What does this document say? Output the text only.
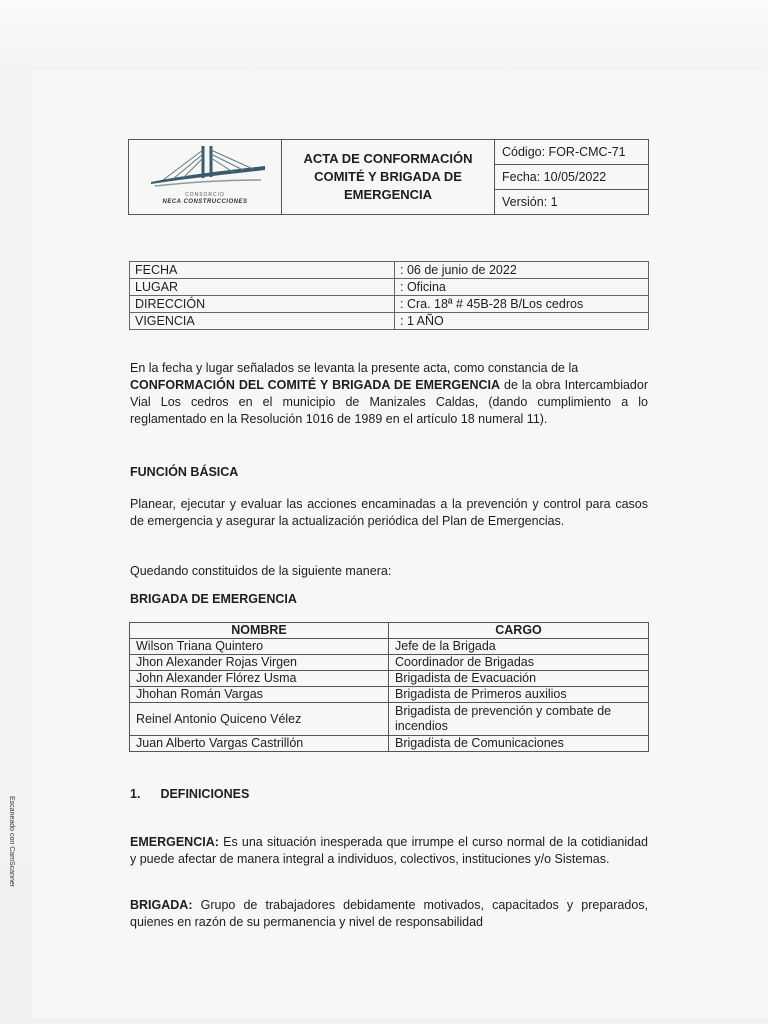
CONSORCIO
NECA CONSTRUCCIONES

ACTA DE CONFORMACIÓN
COMITÉ Y BRIGADA DE
EMERGENCIA
	Código: FOR-CMC-71
Fecha: 10/05/2022
Versión: 1
FECHA	: 06 de junio de 2022
LUGAR	: Oficina
DIRECCIÓN	: Cra. 18ª # 45B-28 B/Los cedros
VIGENCIA	: 1 AÑO

En la fecha y lugar señalados se levanta la presente acta, como constancia de la
CONFORMACIÓN DEL COMITÉ Y BRIGADA DE EMERGENCIA de la obra Intercambiador Vial Los cedros en el municipio de Manizales Caldas, (dando cumplimiento a lo reglamentado en la Resolución 1016 de 1989 en el artículo 18 numeral 11).

FUNCIÓN BÁSICA

Planear, ejecutar y evaluar las acciones encaminadas a la prevención y control para casos de emergencia y asegurar la actualización periódica del Plan de Emergencias.

Quedando constituidos de la siguiente manera:

BRIGADA DE EMERGENCIA

NOMBRE	CARGO
Wilson Triana Quintero	Jefe de la Brigada
Jhon Alexander Rojas Virgen	Coordinador de Brigadas
John Alexander Flórez Usma	Brigadista de Evacuación
Jhohan Román Vargas	Brigadista de Primeros auxilios
Reinel Antonio Quiceno Vélez	Brigadista de prevención y combate de incendios
Juan Alberto Vargas Castrillón	Brigadista de Comunicaciones

1. DEFINICIONES

EMERGENCIA: Es una situación inesperada que irrumpe el curso normal de la cotidianidad y puede afectar de manera integral a individuos, colectivos, instituciones y/o Sistemas.

BRIGADA: Grupo de trabajadores debidamente motivados, capacitados y preparados, quienes en razón de su permanencia y nivel de responsabilidad

Escaneado con CamScanner
